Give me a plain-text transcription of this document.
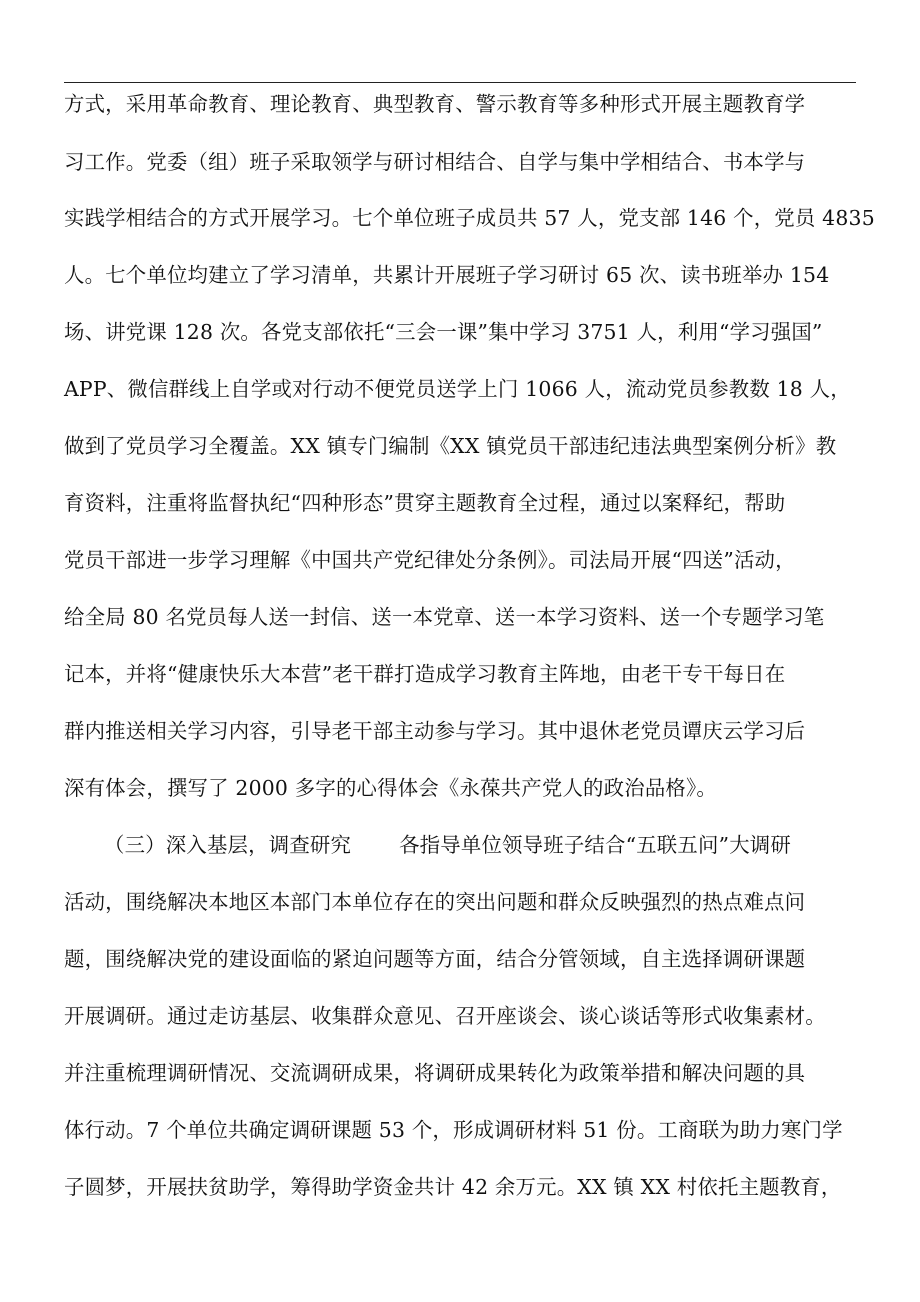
方式，采用革命教育、理论教育、典型教育、警示教育等多种形式开展主题教育学
习工作。党委（组）班子采取领学与研讨相结合、自学与集中学相结合、书本学与
实践学相结合的方式开展学习。七个单位班子成员共 57 人，党支部 146 个，党员 4835
人。七个单位均建立了学习清单，共累计开展班子学习研讨 65 次、读书班举办 154
场、讲党课 128 次。各党支部依托“三会一课”集中学习 3751 人，利用“学习强国”
APP、微信群线上自学或对行动不便党员送学上门 1066 人，流动党员参教数 18 人，
做到了党员学习全覆盖。XX 镇专门编制《XX 镇党员干部违纪违法典型案例分析》教
育资料，注重将监督执纪“四种形态”贯穿主题教育全过程，通过以案释纪，帮助
党员干部进一步学习理解《中国共产党纪律处分条例》。司法局开展“四送”活动，
给全局 80 名党员每人送一封信、送一本党章、送一本学习资料、送一个专题学习笔
记本，并将“健康快乐大本营”老干群打造成学习教育主阵地，由老干专干每日在
群内推送相关学习内容，引导老干部主动参与学习。其中退休老党员谭庆云学习后
深有体会，撰写了 2000 多字的心得体会《永葆共产党人的政治品格》。
（三）深入基层，调查研究 各指导单位领导班子结合“五联五问”大调研
活动，围绕解决本地区本部门本单位存在的突出问题和群众反映强烈的热点难点问
题，围绕解决党的建设面临的紧迫问题等方面，结合分管领域，自主选择调研课题
开展调研。通过走访基层、收集群众意见、召开座谈会、谈心谈话等形式收集素材。
并注重梳理调研情况、交流调研成果，将调研成果转化为政策举措和解决问题的具
体行动。7 个单位共确定调研课题 53 个，形成调研材料 51 份。工商联为助力寒门学
子圆梦，开展扶贫助学，筹得助学资金共计 42 余万元。XX 镇 XX 村依托主题教育，
